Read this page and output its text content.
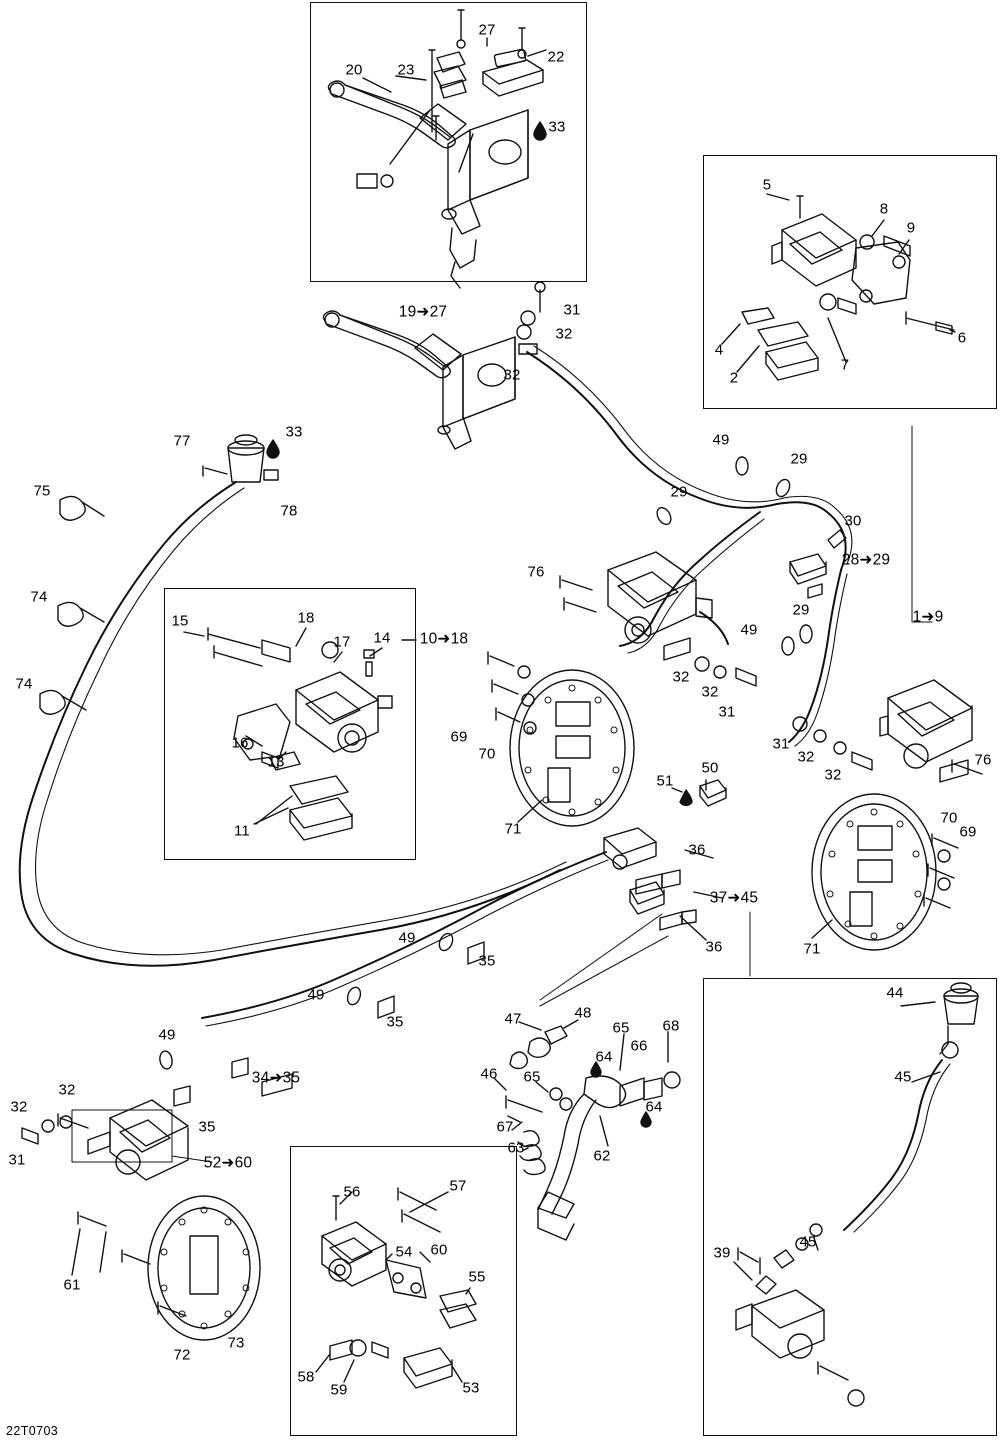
27
22
20 23
33
5
8
9
31
19➜27
32	6
4
7
32	2
33
77	49
29
78
75	29
30
28➜29
76
74
18	1➜9
15
17 14 10➜18
49
29
74	32
32
31
16	69
70
13
31
32
32
76
70
69
11	71
51
50
36
37➜45
36	71
49
35
49	44
35	47	48
49	65 68
66
64
45
46 65
34➜35
32
32
64
67
35
63
31	52➜60	62
45
56	57
54 60
55
61
39
72
73
58
59	53
22T0703
